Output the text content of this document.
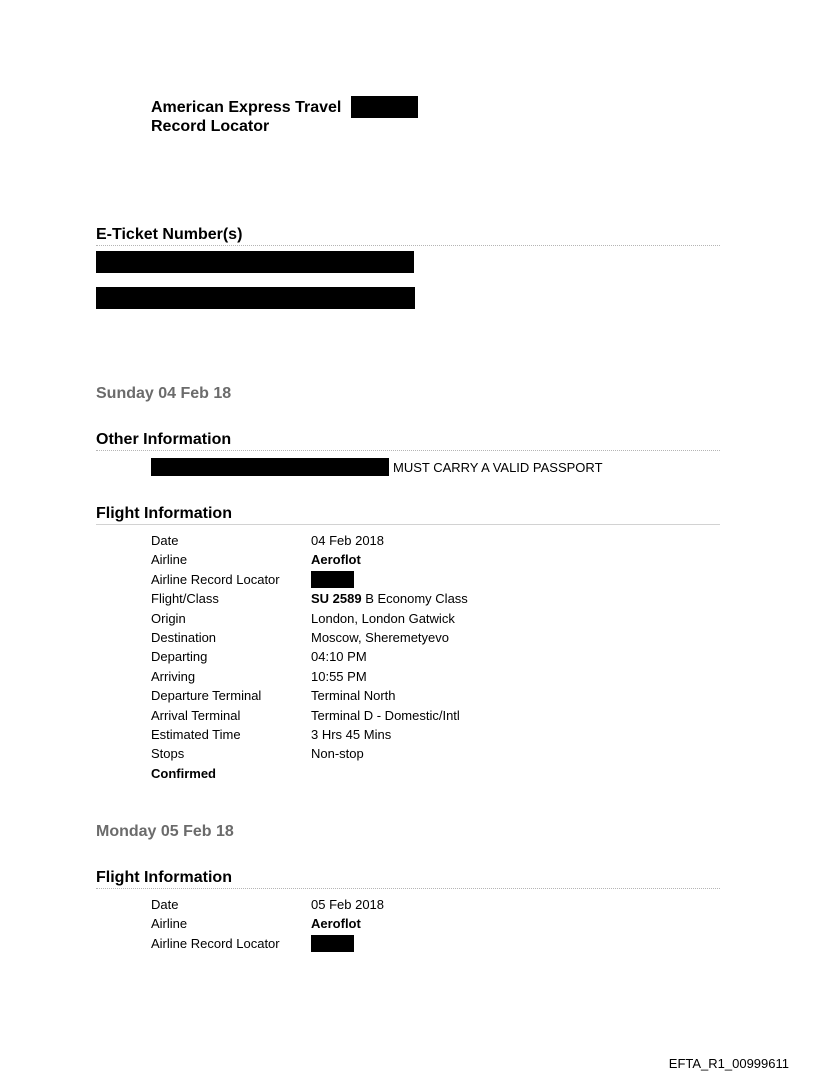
American Express Travel
Record Locator
E-Ticket Number(s)
Sunday 04 Feb 18
Other Information
MUST CARRY A VALID PASSPORT
Flight Information
Date	04 Feb 2018
Airline	Aeroflot
Airline Record Locator
Flight/Class	SU 2589 B Economy Class
Origin	London, London Gatwick
Destination	Moscow, Sheremetyevo
Departing	04:10 PM
Arriving	10:55 PM
Departure Terminal	Terminal North
Arrival Terminal	Terminal D - Domestic/Intl
Estimated Time	3 Hrs 45 Mins
Stops	Non-stop
Confirmed
Monday 05 Feb 18
Flight Information
Date	05 Feb 2018
Airline	Aeroflot
Airline Record Locator
EFTA_R1_00999611
